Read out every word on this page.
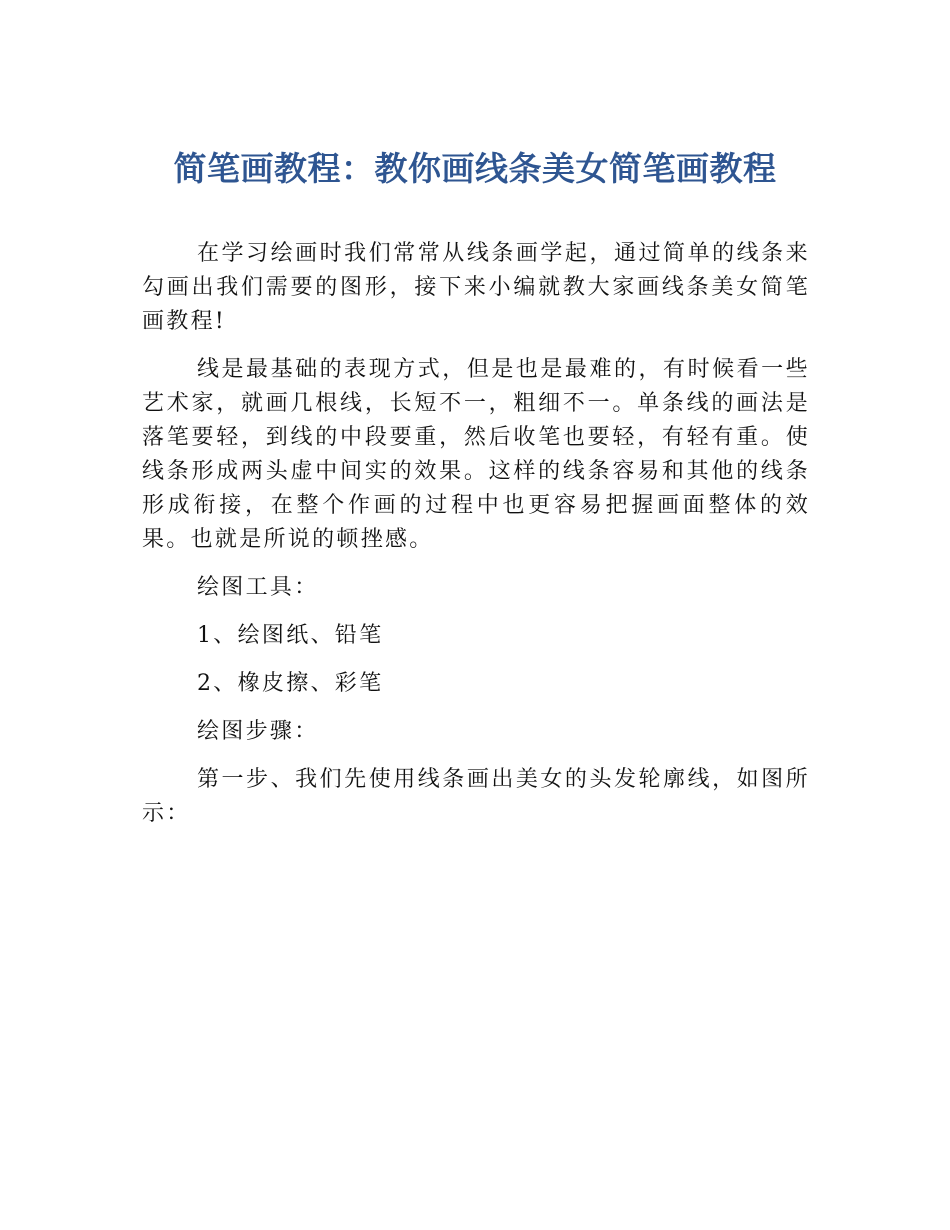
简笔画教程：教你画线条美女简笔画教程

在学习绘画时我们常常从线条画学起，通过简单的线条来勾画出我们需要的图形，接下来小编就教大家画线条美女简笔画教程!

线是最基础的表现方式，但是也是最难的，有时候看一些艺术家，就画几根线，长短不一，粗细不一。单条线的画法是落笔要轻，到线的中段要重，然后收笔也要轻，有轻有重。使线条形成两头虚中间实的效果。这样的线条容易和其他的线条形成衔接，在整个作画的过程中也更容易把握画面整体的效果。也就是所说的顿挫感。

绘图工具：

1、绘图纸、铅笔

2、橡皮擦、彩笔

绘图步骤：

第一步、我们先使用线条画出美女的头发轮廓线，如图所示：
